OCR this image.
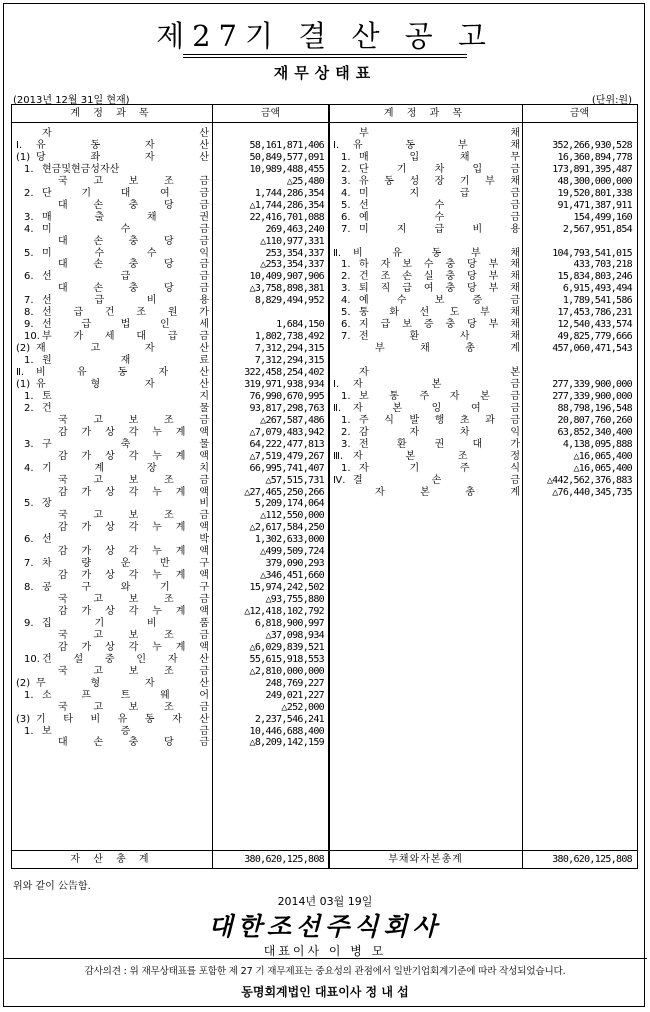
제27기 결 산 공 고
재무상태표
(2013년 12월 31일 현재)	(단위:원)
계 정 과 목	금액	계 정 과 목	금액
자	산
Ⅰ. 유	동	자	산	58,161,871,406
(1) 당	좌	자	산	50,849,577,091
1. 현금및현금성자산	10,989,488,455
국	고	보	조	금	△25,480
2. 단	기	대	여	금	1,744,286,354
대	손	충	당	금	△1,744,286,354
3. 매	출	채	권	22,416,701,088
4. 미	수	금	269,463,240
대	손	충	당	금	△110,977,331
5. 미	수	수	익	253,354,337
대	손	충	당	금	△253,354,337
6. 선	급	금	10,409,907,906
대	손	충	당	금	△3,758,898,381
7. 선	급	비	용	8,829,494,952
8. 선 급 건 조 원 가
9. 선	급	법	인	세	1,684,150
10. 부 가 세 대 급 금	1,802,738,492
(2) 재	고	자	산	7,312,294,315
1. 원	재	료	7,312,294,315
Ⅱ. 비	유	동	자	산	322,458,254,402
(1) 유	형	자	산	319,971,938,934
1. 토	지	76,990,670,995
2. 건	물	93,817,298,763
국	고	보	조	금	△267,587,486
감 가 상 각 누 계 액	△7,079,483,942
3. 구	축	물	64,222,477,813
감 가 상 각 누 계 액	△7,519,479,267
4. 기	계	장	치	66,995,741,407
국	고	보	조	금	△57,515,731
감 가 상 각 누 계 액	△27,465,250,266
5. 장	비	5,209,174,064
국	고	보	조	금	△112,550,000
감 가 상 각 누 계 액	△2,617,584,250
6. 선	박	1,302,633,000
감 가 상 각 누 계 액	△499,509,724
7. 차	량	운	반	구	379,090,293
감 가 상 각 누 계 액	△346,451,660
8. 공	구	와	기	구	15,974,242,502
국	고	보	조	금	△93,755,880
감 가 상 각 누 계 액	△12,418,102,792
9. 집	기	비	품	6,818,900,997
국	고	보	조	금	△37,098,934
감 가 상 각 누 계 액	△6,029,839,521
10. 건 설 중 인 자 산	55,615,918,553
국	고	보	조	금	△2,810,000,000
(2) 무	형	자	산	248,769,227
1. 소	프	트	웨	어	249,021,227
국	고	보	조	금	△252,000
(3) 기 타 비 유 동 자 산	2,237,546,241
1. 보	증	금	10,446,688,400
대	손	충	당	금	△8,209,142,159
부	채
Ⅰ. 유	동	부	채	352,266,930,528
1. 매	입	채	무	16,360,894,778
2. 단	기	차	입	금	173,891,395,487
3. 유 동 성 장 기 부 채	48,300,000,000
4. 미	지	급	금	19,520,801,338
5. 선	수	금	91,471,387,911
6. 예	수	금	154,499,160
7. 미	지	급	비	용	2,567,951,854
Ⅱ. 비	유	동	부	채	104,793,541,015
1. 하 자 보 수 충 당 부 채	433,703,218
2. 건 조 손 실 충 당 부 채	15,834,803,246
3. 퇴 직 급 여 충 당 부 채	6,915,493,494
4. 예	수	보	증	금	1,789,541,586
5. 통 화 선 도 부 채	17,453,786,231
6. 지 급 보 증 충 당 부 채	12,540,433,574
7. 전	환	사	채	49,825,779,666
부	채	총	계	457,060,471,543
자	본
Ⅰ. 자	본	금	277,339,900,000
1. 보 통 주 자 본 금	277,339,900,000
Ⅱ. 자	본	잉	여	금	88,798,196,548
1. 주 식 발 행 초 과 금	20,807,760,260
2. 감	자	차	익	63,852,340,400
3. 전	환	권	대	가	4,138,095,888
Ⅲ. 자	본	조	정	△16,065,400
1. 자	기	주	식	△16,065,400
Ⅳ. 결	손	금	△442,562,376,883
자	본	총	계	△76,440,345,735
자 산 총 계	380,620,125,808	부채와자본총계	380,620,125,808
위와 같이 公告함.
2014년 03월 19일
대한조선주식회사
대표이사 이 병 모
감사의견 : 위 재무상태표를 포함한 제 27 기 재무제표는 중요성의 관점에서 일반기업회계기준에 따라 작성되었습니다.
동명회계법인 대표이사 정 내 섭
